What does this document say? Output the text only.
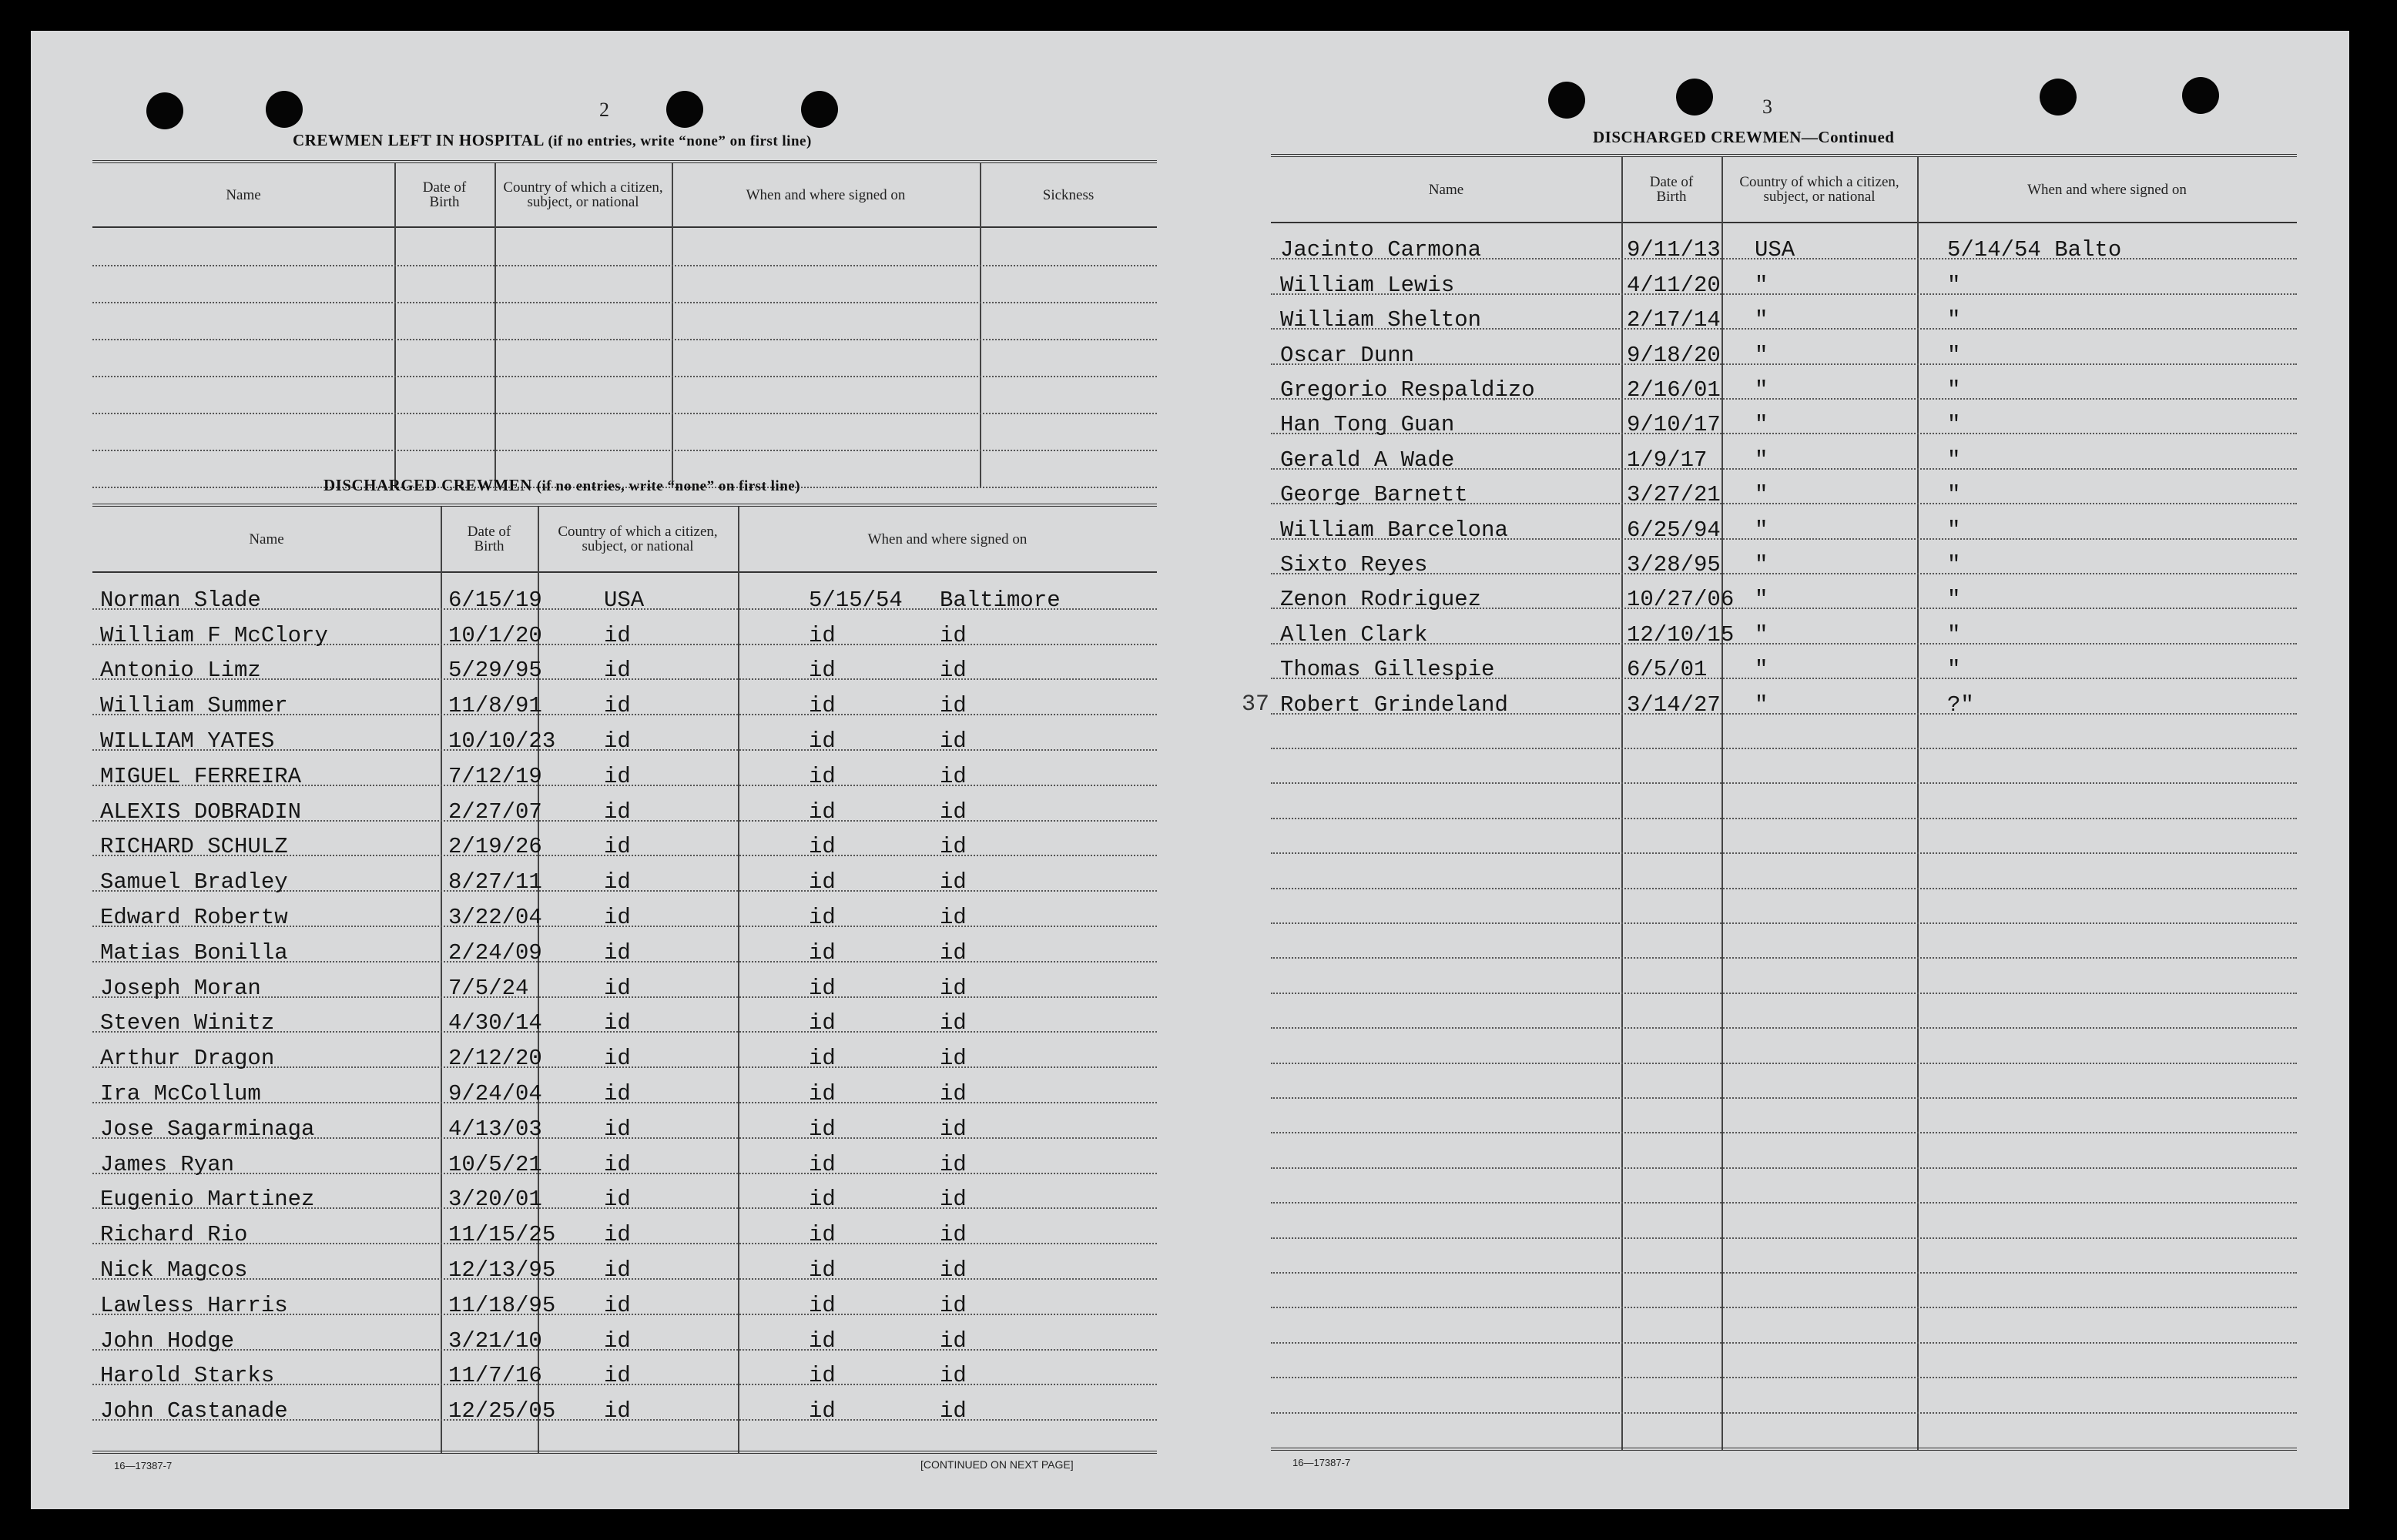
2
CREWMEN LEFT IN HOSPITAL (if no entries, write “none” on first line)
Name	Date of Birth
Country of which a citizen, subject, or national	When and where signed on	Sickness
DISCHARGED CREWMEN (if no entries, write “none” on first line)
Name	Date of Birth
Country of which a citizen, subject, or national	When and where signed on
Norman Slade	6/15/19	USA	5/15/54 Baltimore
William F McClory	10/1/20	id	id	id
Antonio Limz	5/29/95	id	id	id
William Summer	11/8/91	id	id	id
WILLIAM YATES	10/10/23 id	id	id
MIGUEL FERREIRA	7/12/19	id	id	id
ALEXIS DOBRADIN	2/27/07	id	id	id
RICHARD SCHULZ	2/19/26	id	id	id
Samuel Bradley	8/27/11	id	id	id
Edward Robertw	3/22/04	id	id	id
Matias Bonilla	2/24/09	id	id	id
Joseph Moran	7/5/24	id	id	id
Steven Winitz	4/30/14	id	id	id
Arthur Dragon	2/12/20	id	id	id
Ira McCollum	9/24/04	id	id	id
Jose Sagarminaga	4/13/03	id	id	id
James Ryan	10/5/21	id	id	id
Eugenio Martinez	3/20/01	id	id	id
Richard Rio	11/15/25 id	id	id
Nick Magcos	12/13/95 id	id	id
Lawless Harris	11/18/95 id	id	id
John Hodge	3/21/10	id	id	id
Harold Starks	11/7/16	id	id	id
John Castanade	12/25/05 id	id	id
16—17387-7	[CONTINUED ON NEXT PAGE]
3
DISCHARGED CREWMEN—Continued
Name	Date of Birth
Country of which a citizen, subject, or national	When and where signed on
Jacinto Carmona	9/11/13 USA	5/14/54 Balto
William Lewis	4/11/20 "	"
William Shelton	2/17/14 "	"
Oscar Dunn	9/18/20 "	"
Gregorio Respaldizo	2/16/01 "	"
Han Tong Guan	9/10/17 "	"
Gerald A Wade	1/9/17 "	"
George Barnett	3/27/21 "	"
William Barcelona	6/25/94 "	"
Sixto Reyes	3/28/95 "	"
Zenon Rodriguez	10/27/06 "	"
Allen Clark	12/10/15 "	"
Thomas Gillespie	6/5/01 "	"
Robert Grindeland	3/14/27 "	?"
37
16—17387-7
